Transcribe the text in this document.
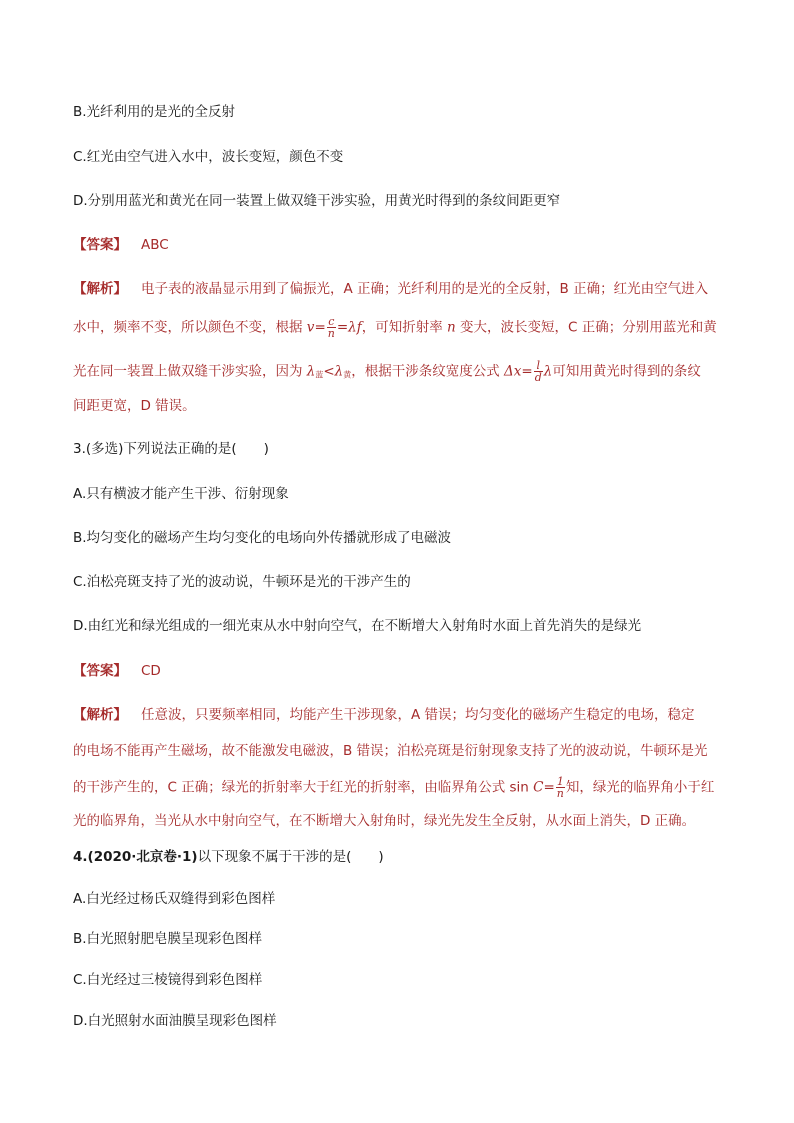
B.光纤利用的是光的全反射
C.红光由空气进入水中，波长变短，颜色不变
D.分别用蓝光和黄光在同一装置上做双缝干涉实验，用黄光时得到的条纹间距更窄
【答案】 ABC
【解析】 电子表的液晶显示用到了偏振光，A 正确；光纤利用的是光的全反射，B 正确；红光由空气进入
水中，频率不变，所以颜色不变，根据 $v= \frac{c}{n} =\lambda f$，可知折射率 n 变大，波长变短，C 正确；分别用蓝光和黄
光在同一装置上做双缝干涉实验，因为 $\lambda_蓝<\lambda_黄$，根据干涉条纹宽度公式 $\Delta x= \frac{l}{d}$ λ可知用黄光时得到的条纹
间距更宽，D 错误。
3.(多选)下列说法正确的是(　　)
A.只有横波才能产生干涉、衍射现象
B.均匀变化的磁场产生均匀变化的电场向外传播就形成了电磁波
C.泊松亮斑支持了光的波动说，牛顿环是光的干涉产生的
D.由红光和绿光组成的一细光束从水中射向空气，在不断增大入射角时水面上首先消失的是绿光
【答案】 CD
【解析】 任意波，只要频率相同，均能产生干涉现象，A 错误；均匀变化的磁场产生稳定的电场，稳定
的电场不能再产生磁场，故不能激发电磁波，B 错误；泊松亮斑是衍射现象支持了光的波动说，牛顿环是光
的干涉产生的，C 正确；绿光的折射率大于红光的折射率，由临界角公式 $\sin C= \frac{1}{n}$ 知，绿光的临界角小于红
光的临界角，当光从水中射向空气，在不断增大入射角时，绿光先发生全反射，从水面上消失，D 正确。
4.(2020·北京卷·1)以下现象不属于干涉的是(　　)
A.白光经过杨氏双缝得到彩色图样
B.白光照射肥皂膜呈现彩色图样
C.白光经过三棱镜得到彩色图样
D.白光照射水面油膜呈现彩色图样
